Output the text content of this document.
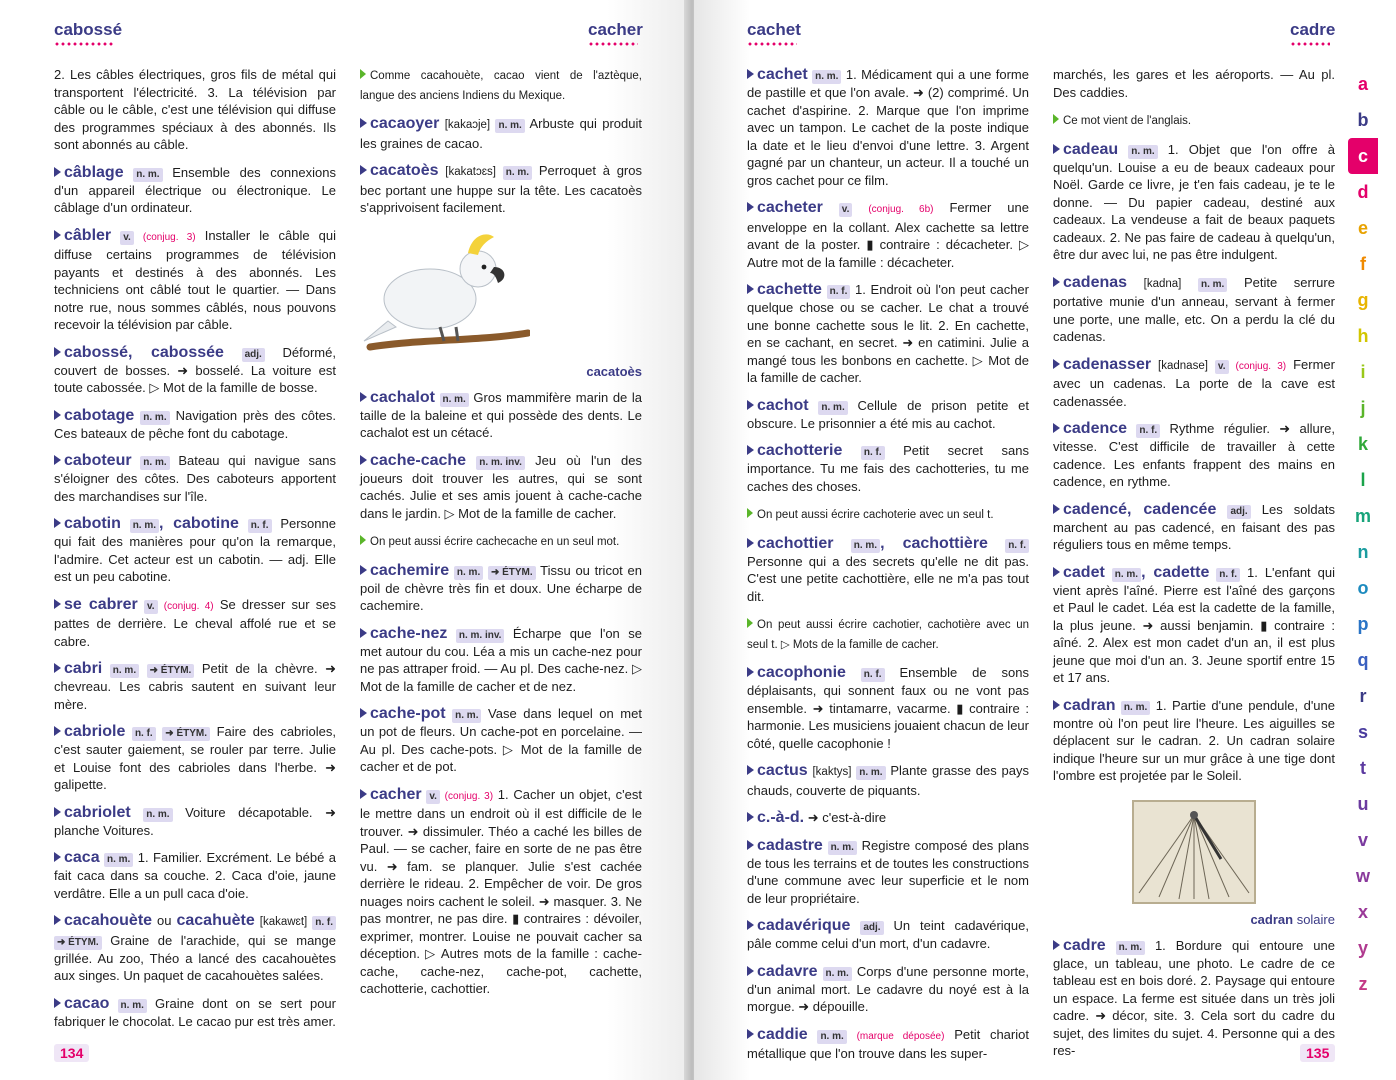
cabossé	cacher
2. Les câbles électriques, gros fils de métal qui transportent l'électricité. 3. La télévision par câble ou le câble, c'est une télévision qui diffuse des programmes spéciaux à des abonnés. Ils sont abonnés au câble.
câblage n. m. Ensemble des connexions d'un appareil électrique ou électronique. Le câblage d'un ordinateur.
câbler v. (conjug. 3) Installer le câble qui diffuse certains programmes de télévision payants et destinés à des abonnés. Les techniciens ont câblé tout le quartier. — Dans notre rue, nous sommes câblés, nous pouvons recevoir la télévision par câble.
cabossé, cabossée adj. Déformé, couvert de bosses. ➜ bosselé. La voiture est toute cabossée. ▷ Mot de la famille de bosse.
cabotage n. m. Navigation près des côtes. Ces bateaux de pêche font du cabotage.
caboteur n. m. Bateau qui navigue sans s'éloigner des côtes. Des caboteurs apportent des marchandises sur l'île.
cabotin n. m. , cabotine n. f. Personne qui fait des manières pour qu'on la remarque, l'admire. Cet acteur est un cabotin. — adj. Elle est un peu cabotine.
se cabrer v. (conjug. 4) Se dresser sur ses pattes de derrière. Le cheval affolé rue et se cabre.
cabri n. m. ➜ ÉTYM. Petit de la chèvre. ➜ chevreau. Les cabris sautent en suivant leur mère.
cabriole n. f. ➜ ÉTYM. Faire des cabrioles, c'est sauter gaiement, se rouler par terre. Julie et Louise font des cabrioles dans l'herbe. ➜ galipette.
cabriolet n. m. Voiture décapotable. ➜ planche Voitures.
caca n. m. 1. Familier. Excrément. Le bébé a fait caca dans sa couche. 2. Caca d'oie, jaune verdâtre. Elle a un pull caca d'oie.
cacahouète ou cacahuète [kakawɛt] n. f. ➜ ÉTYM. Graine de l'arachide, qui se mange grillée. Au zoo, Théo a lancé des cacahouètes aux singes. Un paquet de cacahouètes salées.
cacao n. m. Graine dont on se sert pour fabriquer le chocolat. Le cacao pur est très amer.
Comme cacahouète, cacao vient de l'aztèque, langue des anciens Indiens du Mexique.
cacaoyer [kakaɔje] n. m. Arbuste qui produit les graines de cacao.
cacatoès [kakatɔɛs] n. m. Perroquet à gros bec portant une huppe sur la tête. Les cacatoès s'apprivoisent facilement.
cacatoès
cachalot n. m. Gros mammifère marin de la taille de la baleine et qui possède des dents. Le cachalot est un cétacé.
cache-cache n. m. inv. Jeu où l'un des joueurs doit trouver les autres, qui se sont cachés. Julie et ses amis jouent à cache-cache dans le jardin. ▷ Mot de la famille de cacher.
On peut aussi écrire cachecache en un seul mot.
cachemire n. m. ➜ ÉTYM. Tissu ou tricot en poil de chèvre très fin et doux. Une écharpe de cachemire.
cache-nez n. m. inv. Écharpe que l'on se met autour du cou. Léa a mis un cache-nez pour ne pas attraper froid. — Au pl. Des cache-nez. ▷ Mot de la famille de cacher et de nez.
cache-pot n. m. Vase dans lequel on met un pot de fleurs. Un cache-pot en porcelaine. — Au pl. Des cache-pots. ▷ Mot de la famille de cacher et de pot.
cacher v. (conjug. 3) 1. Cacher un objet, c'est le mettre dans un endroit où il est difficile de le trouver. ➜ dissimuler. Théo a caché les billes de Paul. — se cacher, faire en sorte de ne pas être vu. ➜ fam. se planquer. Julie s'est cachée derrière le rideau. 2. Empêcher de voir. De gros nuages noirs cachent le soleil. ➜ masquer. 3. Ne pas montrer, ne pas dire. ▮ contraires : dévoiler, exprimer, montrer. Louise ne pouvait cacher sa déception. ▷ Autres mots de la famille : cache-cache, cache-nez, cache-pot, cachette, cachotterie, cachottier.
134
cachet	cadre
cachet n. m. 1. Médicament qui a une forme de pastille et que l'on avale. ➜ (2) comprimé. Un cachet d'aspirine. 2. Marque que l'on imprime avec un tampon. Le cachet de la poste indique la date et le lieu d'envoi d'une lettre. 3. Argent gagné par un chanteur, un acteur. Il a touché un gros cachet pour ce film.
cacheter v. (conjug. 6b) Fermer une enveloppe en la collant. Alex cachette sa lettre avant de la poster. ▮ contraire : décacheter. ▷ Autre mot de la famille : décacheter.
cachette n. f. 1. Endroit où l'on peut cacher quelque chose ou se cacher. Le chat a trouvé une bonne cachette sous le lit. 2. En cachette, en se cachant, en secret. ➜ en catimini. Julie a mangé tous les bonbons en cachette. ▷ Mot de la famille de cacher.
cachot n. m. Cellule de prison petite et obscure. Le prisonnier a été mis au cachot.
cachotterie n. f. Petit secret sans importance. Tu me fais des cachotteries, tu me caches des choses.
On peut aussi écrire cachoterie avec un seul t.
cachottier n. m. , cachottière n. f. Personne qui a des secrets qu'elle ne dit pas. C'est une petite cachottière, elle ne m'a pas tout dit.
On peut aussi écrire cachotier, cachotière avec un seul t. ▷ Mots de la famille de cacher.
cacophonie n. f. Ensemble de sons déplaisants, qui sonnent faux ou ne vont pas ensemble. ➜ tintamarre, vacarme. ▮ contraire : harmonie. Les musiciens jouaient chacun de leur côté, quelle cacophonie !
cactus [kaktys] n. m. Plante grasse des pays chauds, couverte de piquants.
c.-à-d. ➜ c'est-à-dire
cadastre n. m. Registre composé des plans de tous les terrains et de toutes les constructions d'une commune avec leur superficie et le nom de leur propriétaire.
cadavérique adj. Un teint cadavérique, pâle comme celui d'un mort, d'un cadavre.
cadavre n. m. Corps d'une personne morte, d'un animal mort. Le cadavre du noyé est à la morgue. ➜ dépouille.
caddie n. m. (marque déposée) Petit chariot métallique que l'on trouve dans les super-
marchés, les gares et les aéroports. — Au pl. Des caddies.
Ce mot vient de l'anglais.
cadeau n. m. 1. Objet que l'on offre à quelqu'un. Louise a eu de beaux cadeaux pour Noël. Garde ce livre, je t'en fais cadeau, je te le donne. — Du papier cadeau, destiné aux cadeaux. La vendeuse a fait de beaux paquets cadeaux. 2. Ne pas faire de cadeau à quelqu'un, être dur avec lui, ne pas être indulgent.
cadenas [kadna] n. m. Petite serrure portative munie d'un anneau, servant à fermer une porte, une malle, etc. On a perdu la clé du cadenas.
cadenasser [kadnase] v. (conjug. 3) Fermer avec un cadenas. La porte de la cave est cadenassée.
cadence n. f. Rythme régulier. ➜ allure, vitesse. C'est difficile de travailler à cette cadence. Les enfants frappent des mains en cadence, en rythme.
cadencé, cadencée adj. Les soldats marchent au pas cadencé, en faisant des pas réguliers tous en même temps.
cadet n. m. , cadette n. f. 1. L'enfant qui vient après l'aîné. Pierre est l'aîné des garçons et Paul le cadet. Léa est la cadette de la famille, la plus jeune. ➜ aussi benjamin. ▮ contraire : aîné. 2. Alex est mon cadet d'un an, il est plus jeune que moi d'un an. 3. Jeune sportif entre 15 et 17 ans.
cadran n. m. 1. Partie d'une pendule, d'une montre où l'on peut lire l'heure. Les aiguilles se déplacent sur le cadran. 2. Un cadran solaire indique l'heure sur un mur grâce à une tige dont l'ombre est projetée par le Soleil.
cadran solaire
cadre n. m. 1. Bordure qui entoure une glace, un tableau, une photo. Le cadre de ce tableau est en bois doré. 2. Paysage qui entoure un espace. La ferme est située dans un très joli cadre. ➜ décor, site. 3. Cela sort du cadre du sujet, des limites du sujet. 4. Personne qui a des res-
a
b
c
d
e
f
g
h
i
j
k
l
m
n
o
p
q
r
s
t
u
v
w
x
y
z
135
